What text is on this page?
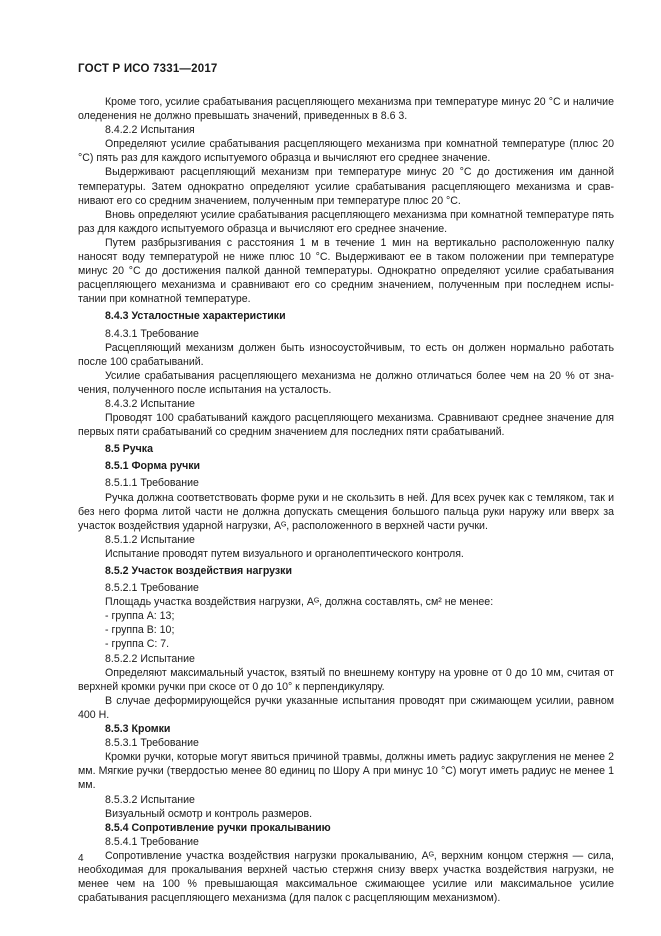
ГОСТ Р ИСО 7331—2017

Кроме того, усилие срабатывания расцепляющего механизма при температуре минус 20 °С и наличие оледенения не должно превышать значений, приведенных в 8.6 3.

8.4.2.2 Испытания

Определяют усилие срабатывания расцепляющего механизма при комнатной температуре (плюс 20 °С) пять раз для каждого испытуемого образца и вычисляют его среднее значение.

Выдерживают расцепляющий механизм при температуре минус 20 °С до достижения им данной температуры. Затем однократно определяют усилие срабатывания расцепляющего механизма и сравнивают его со средним значением, полученным при температуре плюс 20 °С.

Вновь определяют усилие срабатывания расцепляющего механизма при комнатной температуре пять раз для каждого испытуемого образца и вычисляют его среднее значение.

Путем разбрызгивания с расстояния 1 м в течение 1 мин на вертикально расположенную палку наносят воду температурой не ниже плюс 10 °С. Выдерживают ее в таком положении при температуре минус 20 °С до достижения палкой данной температуры. Однократно определяют усилие срабатывания расцепляющего механизма и сравнивают его со средним значением, полученным при последнем испытании при комнатной температуре.

8.4.3 Усталостные характеристики

8.4.3.1 Требование

Расцепляющий механизм должен быть износоустойчивым, то есть он должен нормально работать после 100 срабатываний.

Усилие срабатывания расцепляющего механизма не должно отличаться более чем на 20 % от значения, полученного после испытания на усталость.

8.4.3.2 Испытание

Проводят 100 срабатываний каждого расцепляющего механизма. Сравнивают среднее значение для первых пяти срабатываний со средним значением для последних пяти срабатываний.

8.5 Ручка

8.5.1 Форма ручки

8.5.1.1 Требование

Ручка должна соответствовать форме руки и не скользить в ней. Для всех ручек как с темляком, так и без него форма литой части не должна допускать смещения большого пальца руки наружу или вверх за участок воздействия ударной нагрузки, Aᴳ, расположенного в верхней части ручки.

8.5.1.2 Испытание

Испытание проводят путем визуального и органолептического контроля.

8.5.2 Участок воздействия нагрузки

8.5.2.1 Требование

Площадь участка воздействия нагрузки, Aᴳ, должна составлять, см² не менее:

- группа А: 13;

- группа В: 10;

- группа С: 7.

8.5.2.2 Испытание

Определяют максимальный участок, взятый по внешнему контуру на уровне от 0 до 10 мм, считая от верхней кромки ручки при скосе от 0 до 10° к перпендикуляру.

В случае деформирующейся ручки указанные испытания проводят при сжимающем усилии, равном 400 Н.

8.5.3 Кромки

8.5.3.1 Требование

Кромки ручки, которые могут явиться причиной травмы, должны иметь радиус закругления не менее 2 мм. Мягкие ручки (твердостью менее 80 единиц по Шору А при минус 10 °С) могут иметь радиус не менее 1 мм.

8.5.3.2 Испытание

Визуальный осмотр и контроль размеров.

8.5.4 Сопротивление ручки прокалыванию

8.5.4.1 Требование

Сопротивление участка воздействия нагрузки прокалыванию, Aᴳ, верхним концом стержня — сила, необходимая для прокалывания верхней частью стержня снизу вверх участка воздействия нагрузки, не менее чем на 100 % превышающая максимальное сжимающее усилие или максимальное усилие срабатывания расцепляющего механизма (для палок с расцепляющим механизмом).

4
